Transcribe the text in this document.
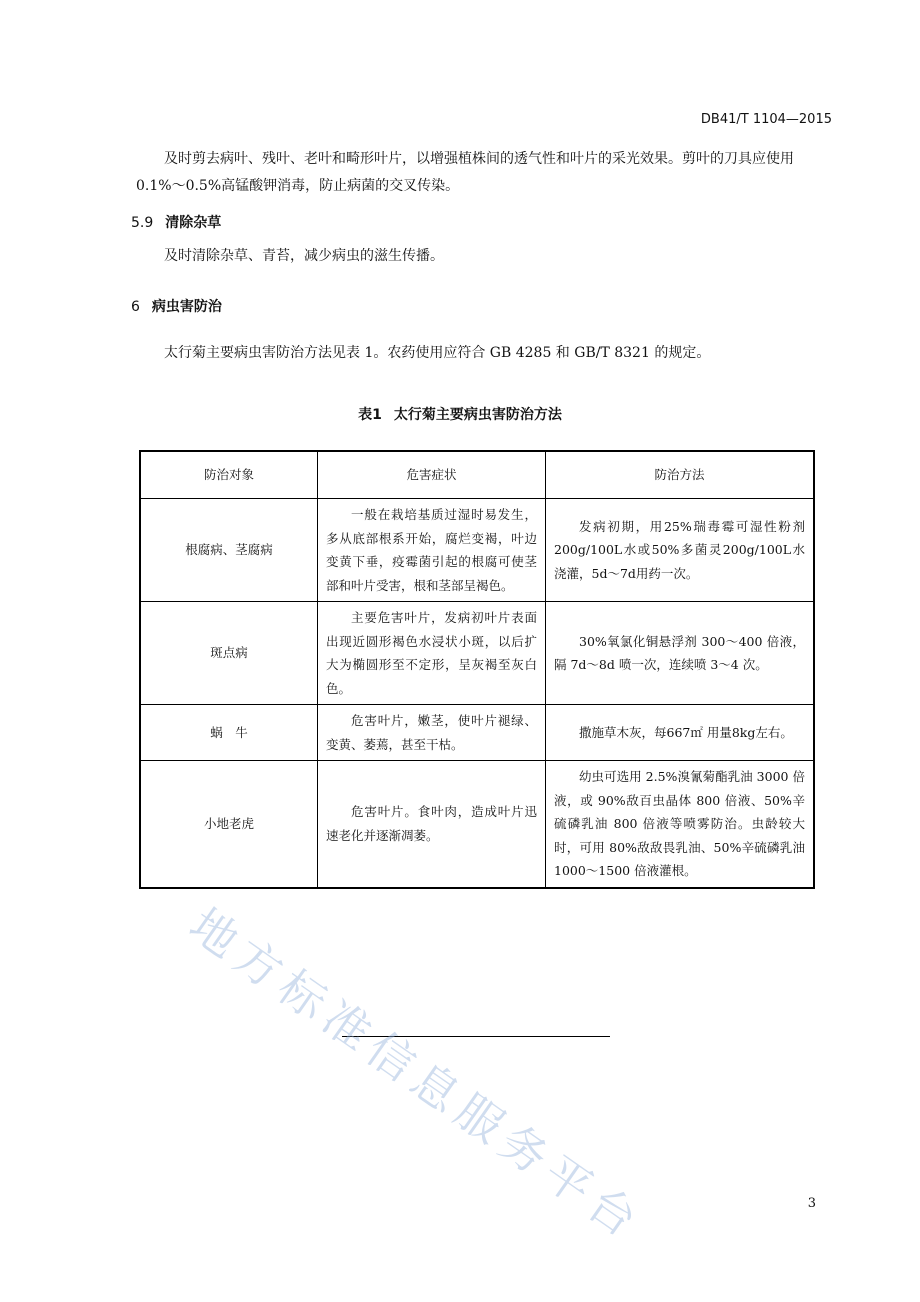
DB41/T 1104—2015
及时剪去病叶、残叶、老叶和畸形叶片，以增强植株间的透气性和叶片的采光效果。剪叶的刀具应使用0.1%～0.5%高锰酸钾消毒，防止病菌的交叉传染。
5.9 清除杂草
及时清除杂草、青苔，减少病虫的滋生传播。
6 病虫害防治
太行菊主要病虫害防治方法见表 1。农药使用应符合 GB 4285 和 GB/T 8321 的规定。
表1 太行菊主要病虫害防治方法
防治对象	危害症状	防治方法
根腐病、茎腐病	一般在栽培基质过湿时易发生，多从底部根系开始，腐烂变褐，叶边变黄下垂，疫霉菌引起的根腐可使茎部和叶片受害，根和茎部呈褐色。	发病初期，用25%瑞毒霉可湿性粉剂200g/100L水或50%多菌灵200g/100L水浇灌，5d～7d用药一次。
斑点病	主要危害叶片，发病初叶片表面出现近圆形褐色水浸状小斑，以后扩大为椭圆形至不定形，呈灰褐至灰白色。	30%氧氯化铜悬浮剂 300～400 倍液，隔 7d～8d 喷一次，连续喷 3～4 次。
蜗　牛	危害叶片，嫩茎，使叶片褪绿、变黄、萎蔫，甚至干枯。	撒施草木灰，每667㎡ 用量8kg左右。
小地老虎	危害叶片。食叶肉，造成叶片迅速老化并逐渐凋萎。	幼虫可选用 2.5%溴氰菊酯乳油 3000 倍液，或 90%敌百虫晶体 800 倍液、50%辛硫磷乳油 800 倍液等喷雾防治。虫龄较大时，可用 80%敌敌畏乳油、50%辛硫磷乳油 1000～1500 倍液灌根。
地方标准信息服务平台	3
